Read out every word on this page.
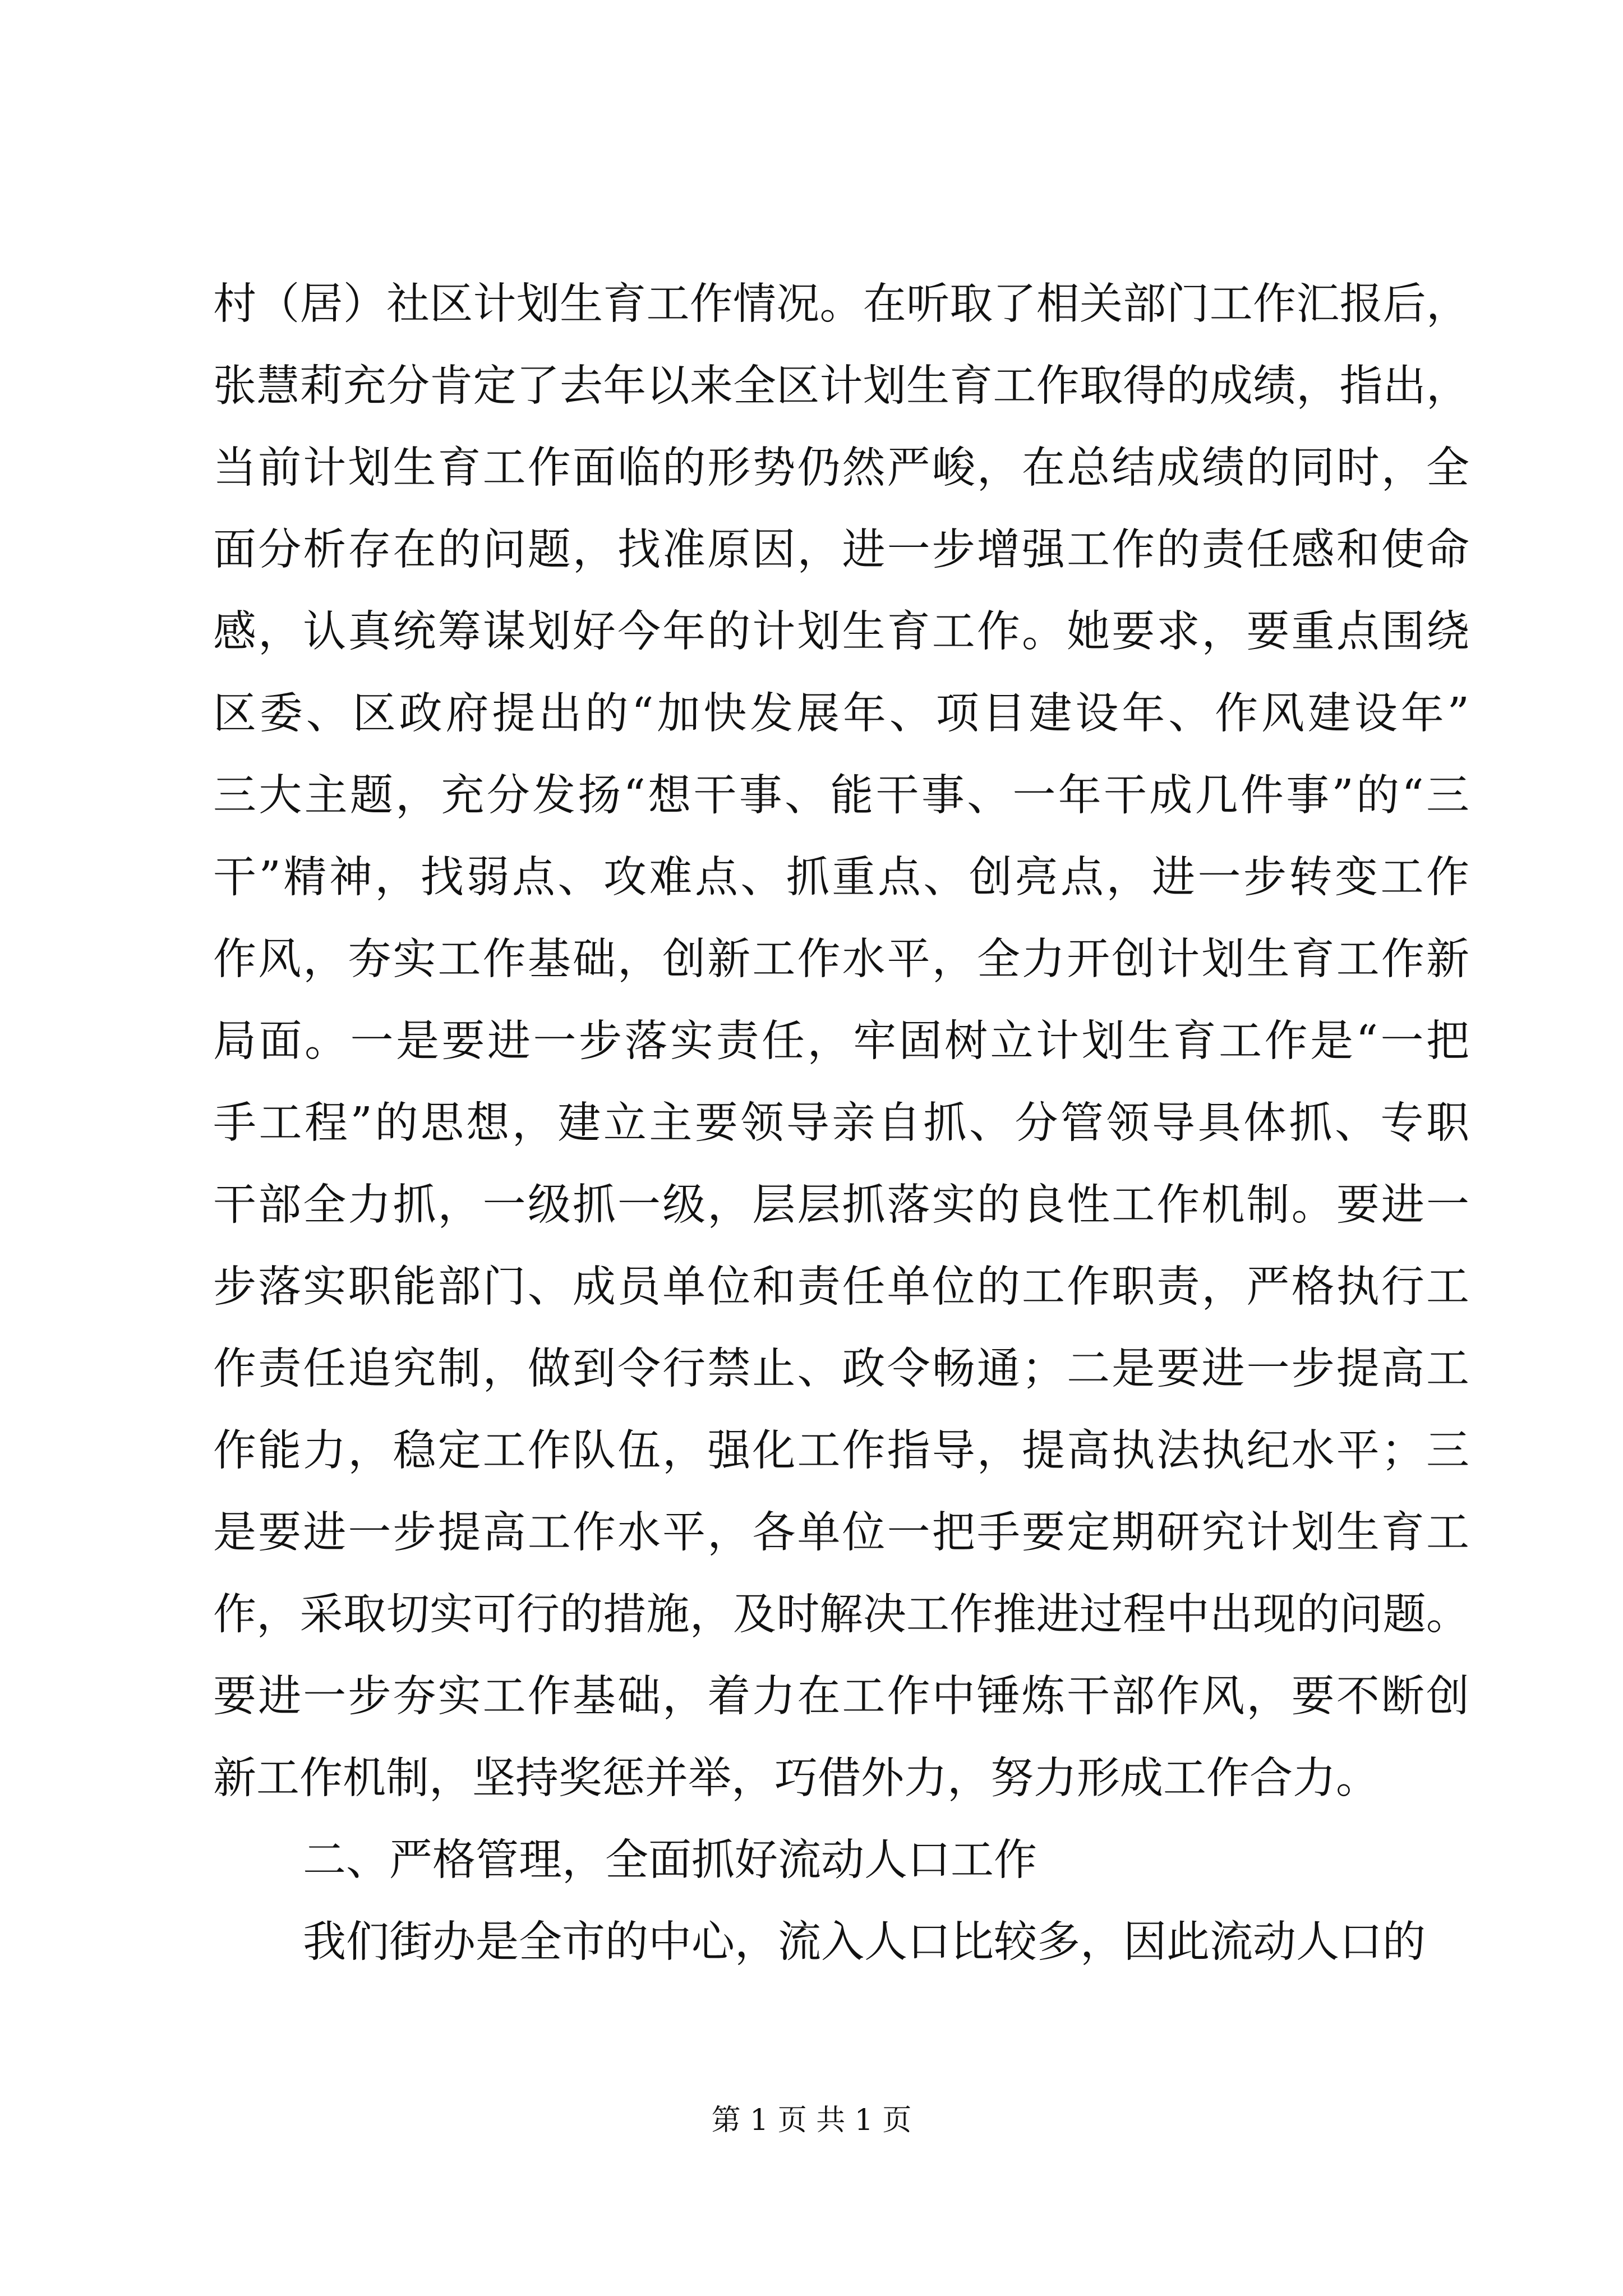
村（居）社区计划生育工作情况。在听取了相关部门工作汇报后，
张慧莉充分肯定了去年以来全区计划生育工作取得的成绩，指出，
当前计划生育工作面临的形势仍然严峻，在总结成绩的同时，全
面分析存在的问题，找准原因，进一步增强工作的责任感和使命
感，认真统筹谋划好今年的计划生育工作。她要求，要重点围绕
区委、区政府提出的“加快发展年、项目建设年、作风建设年”
三大主题，充分发扬“想干事、能干事、一年干成几件事”的“三
干”精神，找弱点、攻难点、抓重点、创亮点，进一步转变工作
作风，夯实工作基础，创新工作水平，全力开创计划生育工作新
局面。一是要进一步落实责任，牢固树立计划生育工作是“一把
手工程”的思想，建立主要领导亲自抓、分管领导具体抓、专职
干部全力抓，一级抓一级，层层抓落实的良性工作机制。要进一
步落实职能部门、成员单位和责任单位的工作职责，严格执行工
作责任追究制，做到令行禁止、政令畅通；二是要进一步提高工
作能力，稳定工作队伍，强化工作指导，提高执法执纪水平；三
是要进一步提高工作水平，各单位一把手要定期研究计划生育工
作，采取切实可行的措施，及时解决工作推进过程中出现的问题。
要进一步夯实工作基础，着力在工作中锤炼干部作风，要不断创
新工作机制，坚持奖惩并举，巧借外力，努力形成工作合力。
二、严格管理，全面抓好流动人口工作
我们街办是全市的中心，流入人口比较多，因此流动人口的
第 1 页 共 1 页
